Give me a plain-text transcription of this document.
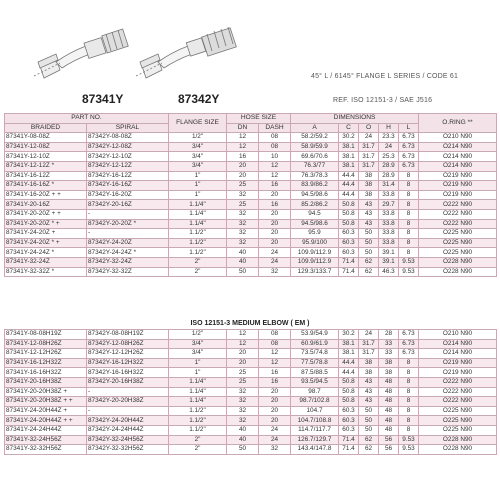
87341Y	87342Y
45° L / 6145° FLANGE L SERIES / CODE 61
REF. ISO 12151-3 / SAE J516
PART NO.		FLANGE SIZE	HOSE SIZE		DIMENSIONS					O.RING **
BRAIDED	SPIRAL		DN	DASH	A	C	O	H	L	
87341Y-08-08Z	87342Y-08-08Z	1/2"	12	08	58.2/59.2	30.2	24	23.3	6.73	O210 N90
87341Y-12-08Z	87342Y-12-08Z	3/4"	12	08	58.9/59.9	38.1	31.7	24	6.73	O214 N90
87341Y-12-10Z	87342Y-12-10Z	3/4"	16	10	69.6/70.6	38.1	31.7	25.3	6.73	O214 N90
87341Y-12-12Z *	87342Y-12-12Z	3/4"	20	12	76.3/77	38.1	31.7	28.9	6.73	O214 N90
87341Y-16-12Z	87342Y-16-12Z	1"	20	12	76.3/78.3	44.4	38	28.9	8	O219 N90
87341Y-16-16Z *	87342Y-16-16Z	1"	25	16	83.9/86.2	44.4	38	31.4	8	O219 N90
87341Y-16-20Z + +	87342Y-16-20Z	1"	32	20	94.5/98.6	44.4	38	33.8	8	O219 N90
87341Y-20-16Z	87342Y-20-16Z	1.1/4"	25	16	85.2/86.2	50.8	43	29.7	8	O222 N90
87341Y-20-20Z + +	-	1.1/4"	32	20	94.5	50.8	43	33.8	8	O222 N90
87341Y-20-20Z * +	87342Y-20-20Z *	1.1/4"	32	20	94.5/98.6	50.8	43	33.8	8	O222 N90
87341Y-24-20Z +	-	1.1/2"	32	20	95.9	60.3	50	33.8	8	O225 N90
87341Y-24-20Z * +	87342Y-24-20Z	1.1/2"	32	20	95.9/100	60.3	50	33.8	8	O225 N90
87341Y-24-24Z *	87342Y-24-24Z *	1.1/2"	40	24	109.9/112.9	60.3	50	39.1	8	O225 N90
87341Y-32-24Z	87342Y-32-24Z	2"	40	24	109.9/112.9	71.4	62	39.1	9.53	O228 N90
87341Y-32-32Z *	87342Y-32-32Z	2"	50	32	129.3/133.7	71.4	62	46.3	9.53	O228 N90
ISO 12151-3 MEDIUM ELBOW ( EM )
87341Y-08-08H19Z	87342Y-08-08H19Z	1/2"	12	08	53.9/54.9	30.2	24	28	6.73	O210 N90
87341Y-12-08H26Z	87342Y-12-08H26Z	3/4"	12	08	60.9/61.9	38.1	31.7	33	6.73	O214 N90
87341Y-12-12H26Z	87342Y-12-12H26Z	3/4"	20	12	73.5/74.8	38.1	31.7	33	6.73	O214 N90
87341Y-16-12H32Z	87342Y-16-12H32Z	1"	20	12	77.5/78.8	44.4	38	38	8	O219 N90
87341Y-16-16H32Z	87342Y-16-16H32Z	1"	25	16	87.5/88.5	44.4	38	38	8	O219 N90
87341Y-20-16H38Z	87342Y-20-16H38Z	1.1/4"	25	16	93.5/94.5	50.8	43	48	8	O222 N90
87341Y-20-20H38Z +	-	1.1/4"	32	20	98.7	50.8	43	48	8	O222 N90
87341Y-20-20H38Z + +	87342Y-20-20H38Z	1.1/4"	32	20	98.7/102.8	50.8	43	48	8	O222 N90
87341Y-24-20H44Z +	-	1.1/2"	32	20	104.7	60.3	50	48	8	O225 N90
87341Y-24-20H44Z + +	87342Y-24-20H44Z	1.1/2"	32	20	104.7/108.8	60.3	50	48	8	O225 N90
87341Y-24-24H44Z	87342Y-24-24H44Z	1.1/2"	40	24	114.7/117.7	60.3	50	48	8	O225 N90
87341Y-32-24H56Z	87342Y-32-24H56Z	2"	40	24	126.7/129.7	71.4	62	56	9.53	O228 N90
87341Y-32-32H56Z	87342Y-32-32H56Z	2"	50	32	143.4/147.8	71.4	62	56	9.53	O228 N90
